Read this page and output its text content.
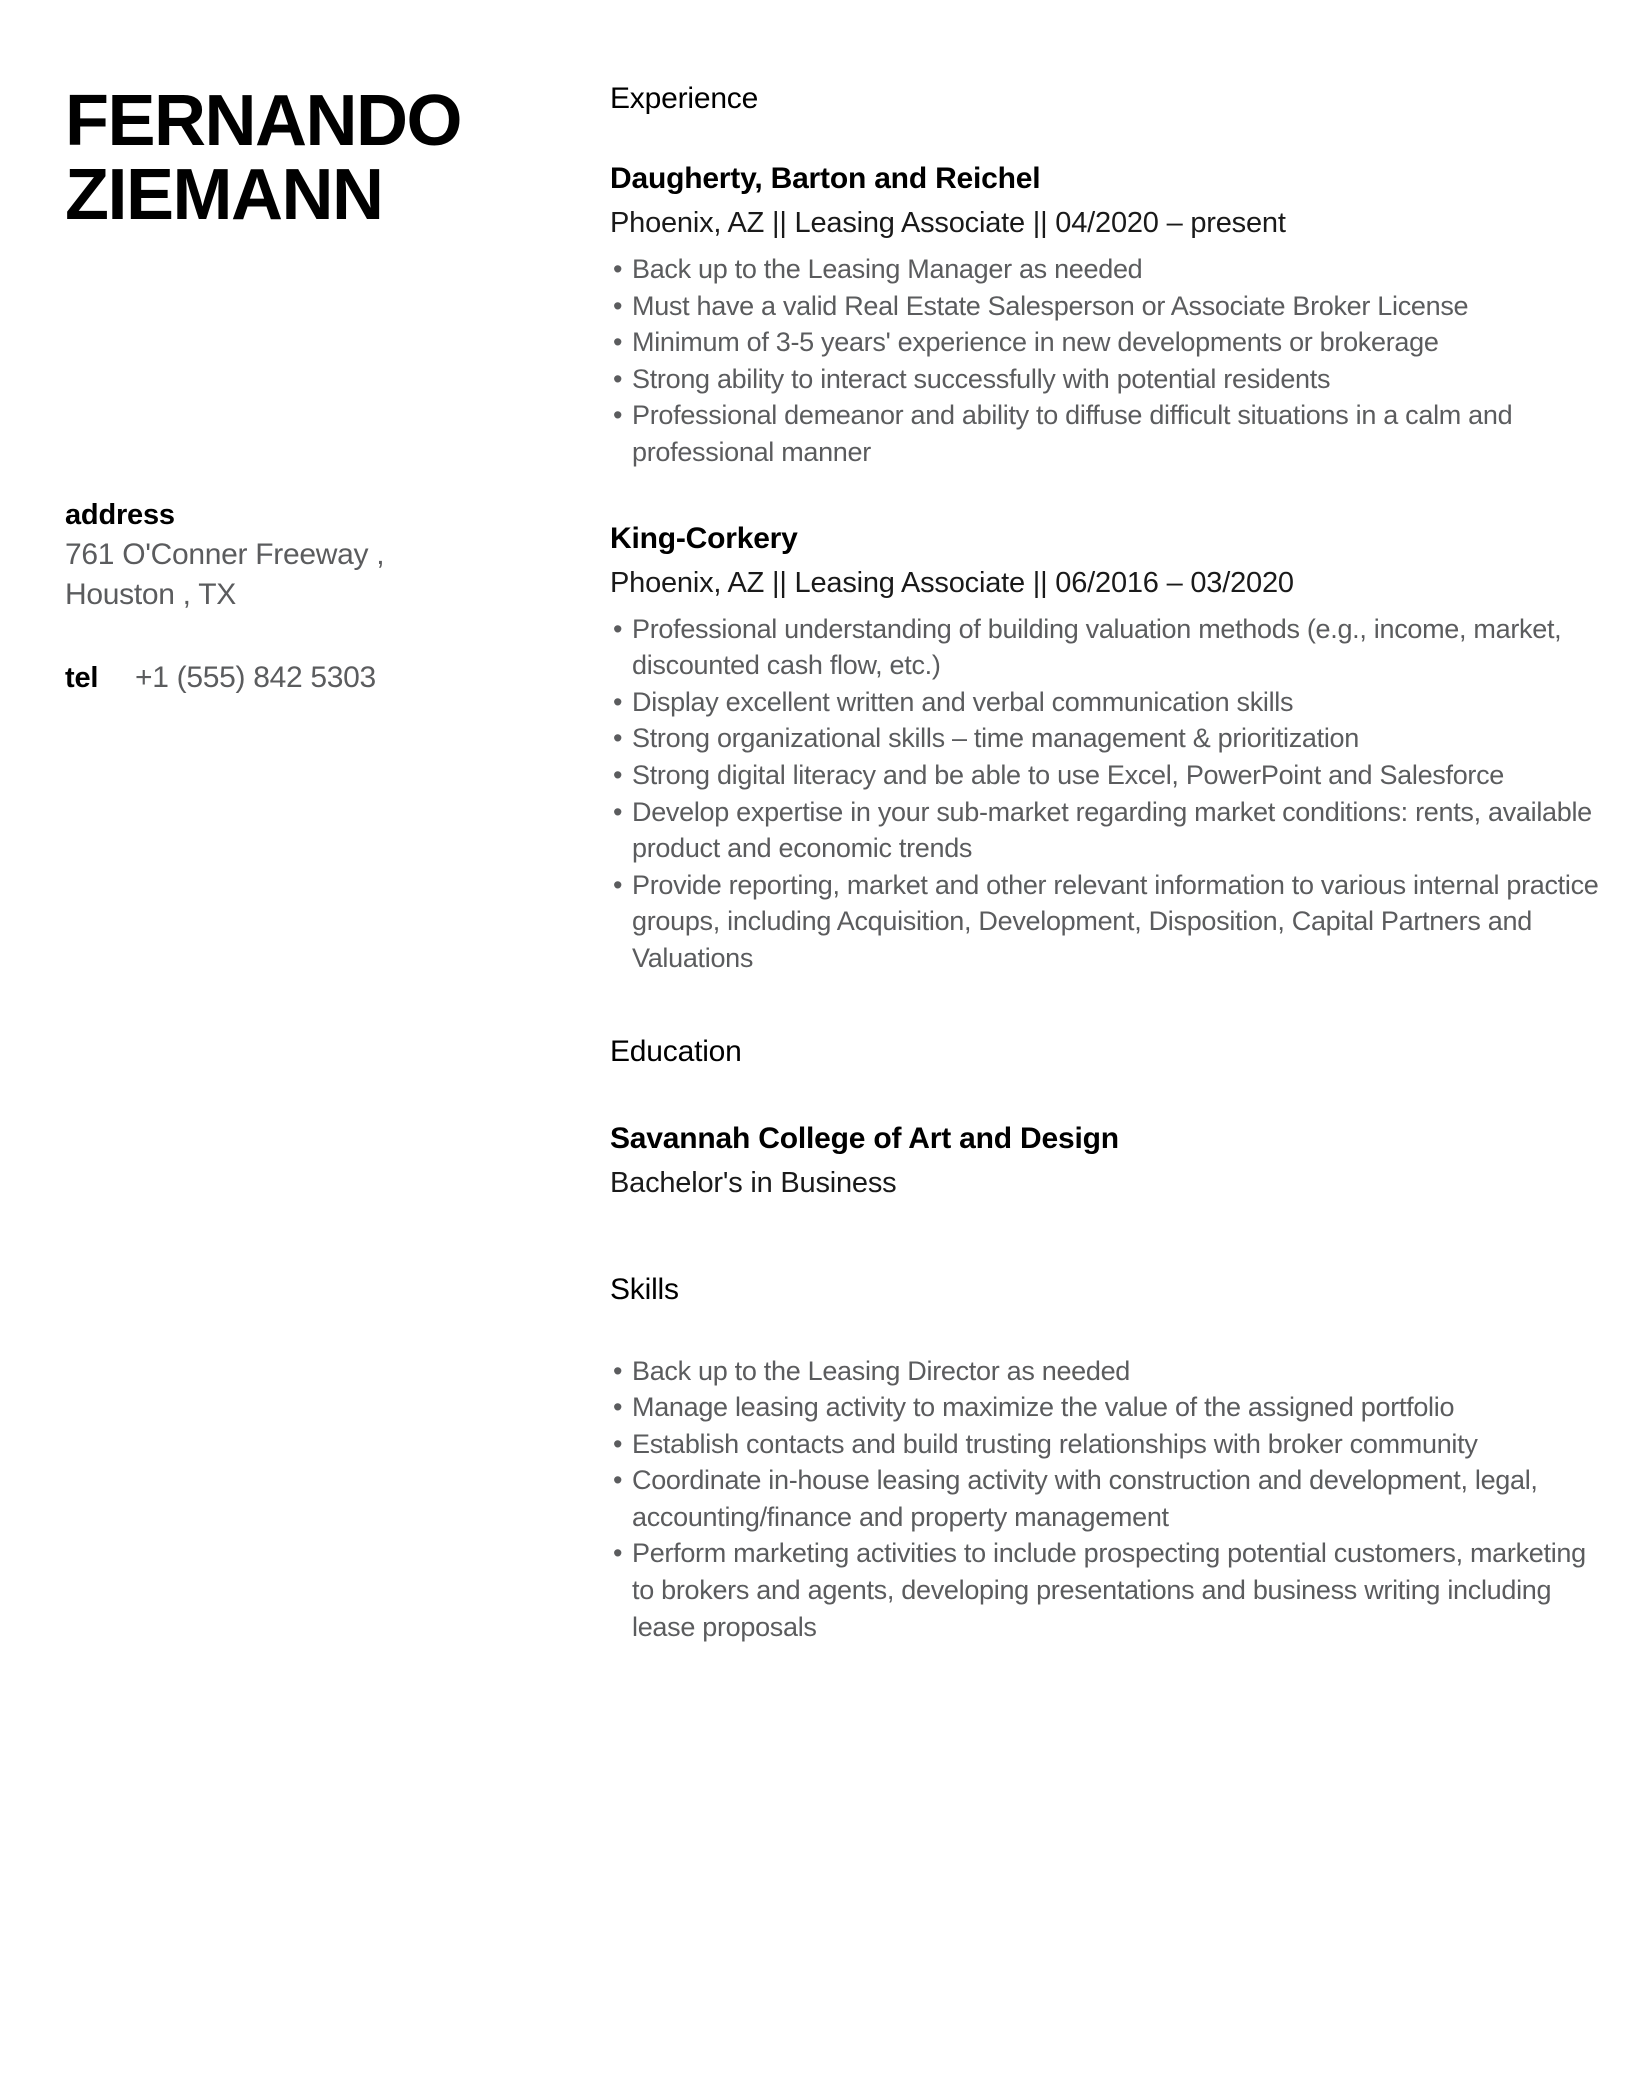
FERNANDO ZIEMANN
address
761 O'Conner Freeway ,
Houston , TX
tel	+1 (555) 842 5303
Experience
Daugherty, Barton and Reichel

Phoenix, AZ || Leasing Associate || 04/2020 – present

• Back up to the Leasing Manager as needed
• Must have a valid Real Estate Salesperson or Associate Broker License
• Minimum of 3-5 years' experience in new developments or brokerage
• Strong ability to interact successfully with potential residents
• Professional demeanor and ability to diffuse difficult situations in a calm and professional manner
King-Corkery

Phoenix, AZ || Leasing Associate || 06/2016 – 03/2020

• Professional understanding of building valuation methods (e.g., income, market, discounted cash flow, etc.)
• Display excellent written and verbal communication skills
• Strong organizational skills – time management & prioritization
• Strong digital literacy and be able to use Excel, PowerPoint and Salesforce
• Develop expertise in your sub-market regarding market conditions: rents, available product and economic trends
• Provide reporting, market and other relevant information to various internal practice groups, including Acquisition, Development, Disposition, Capital Partners and Valuations
Education
Savannah College of Art and Design

Bachelor's in Business

Skills
• Back up to the Leasing Director as needed
• Manage leasing activity to maximize the value of the assigned portfolio
• Establish contacts and build trusting relationships with broker community
• Coordinate in-house leasing activity with construction and development, legal, accounting/finance and property management
• Perform marketing activities to include prospecting potential customers, marketing to brokers and agents, developing presentations and business writing including lease proposals
